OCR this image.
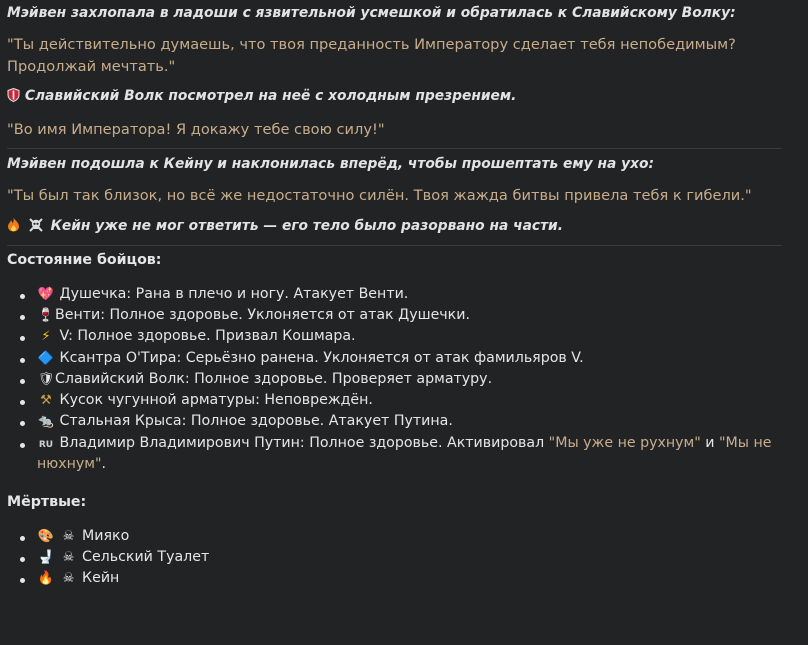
Мэйвен захлопала в ладоши с язвительной усмешкой и обратилась к Славийскому Волку:

"Ты действительно думаешь, что твоя преданность Императору сделает тебя непобедимым? Продолжай мечтать."

Славийский Волк посмотрел на неё с холодным презрением.

"Во имя Императора! Я докажу тебе свою силу!"

Мэйвен подошла к Кейну и наклонилась вперёд, чтобы прошептать ему на ухо:

"Ты был так близок, но всё же недостаточно силён. Твоя жажда битвы привела тебя к гибели."

Кейн уже не мог ответить — его тело было разорвано на части.

Состояние бойцов:

💖 Душечка: Рана в плечо и ногу. Атакует Венти.
🍷Венти: Полное здоровье. Уклоняется от атак Душечки.
⚡ V: Полное здоровье. Призвал Кошмара.
🔷 Ксантра О'Тира: Серьёзно ранена. Уклоняется от атак фамильяров V.
🛡Славийский Волк: Полное здоровье. Проверяет арматуру.
⚒ Кусок чугунной арматуры: Неповреждён.
🐀 Стальная Крыса: Полное здоровье. Атакует Путина.
RU Владимир Владимирович Путин: Полное здоровье. Активировал "Мы уже не рухнум" и "Мы не нюхнум".

Мёртвые:

🎨 ☠ Мияко
🚽 ☠ Сельский Туалет
🔥 ☠ Кейн
